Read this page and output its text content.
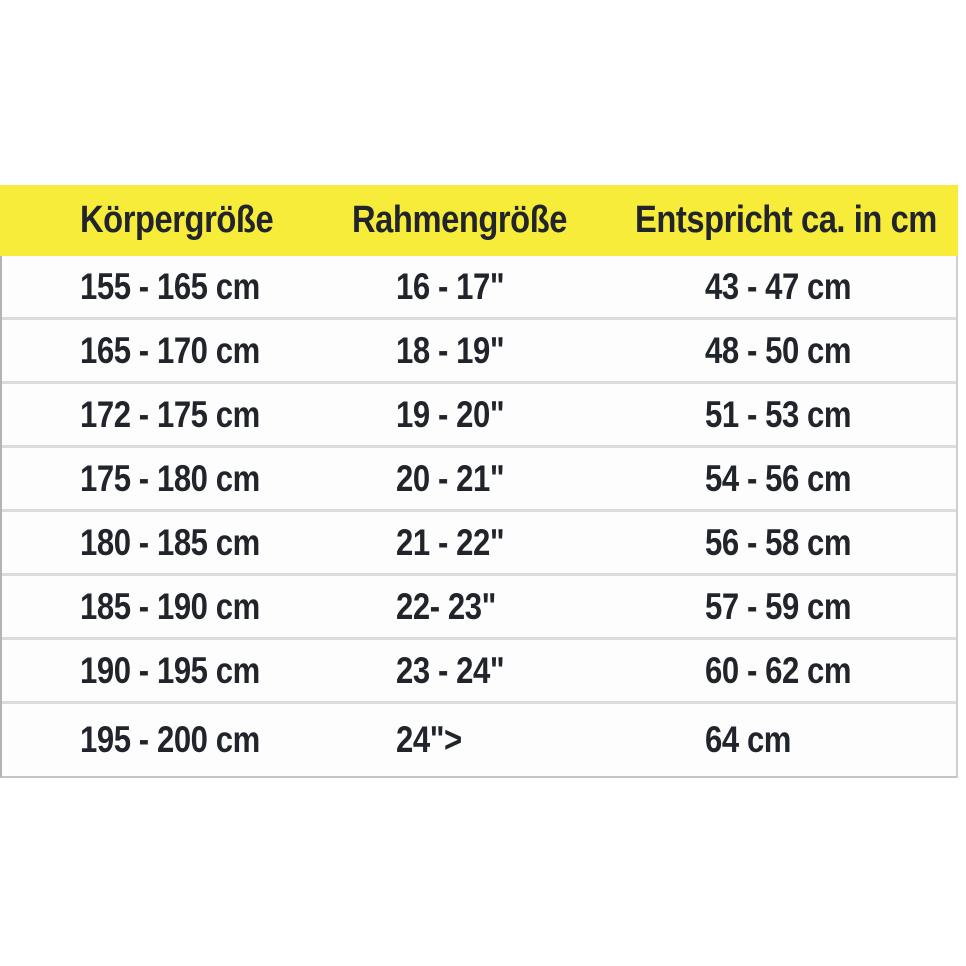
Körpergröße Rahmengröße Entspricht ca. in cm
155 - 165 cm	16 - 17"	43 - 47 cm
165 - 170 cm	18 - 19"	48 - 50 cm
172 - 175 cm	19 - 20"	51 - 53 cm
175 - 180 cm	20 - 21"	54 - 56 cm
180 - 185 cm	21 - 22"	56 - 58 cm
185 - 190 cm	22- 23"	57 - 59 cm
190 - 195 cm	23 - 24"	60 - 62 cm
195 - 200 cm	24">	64 cm
